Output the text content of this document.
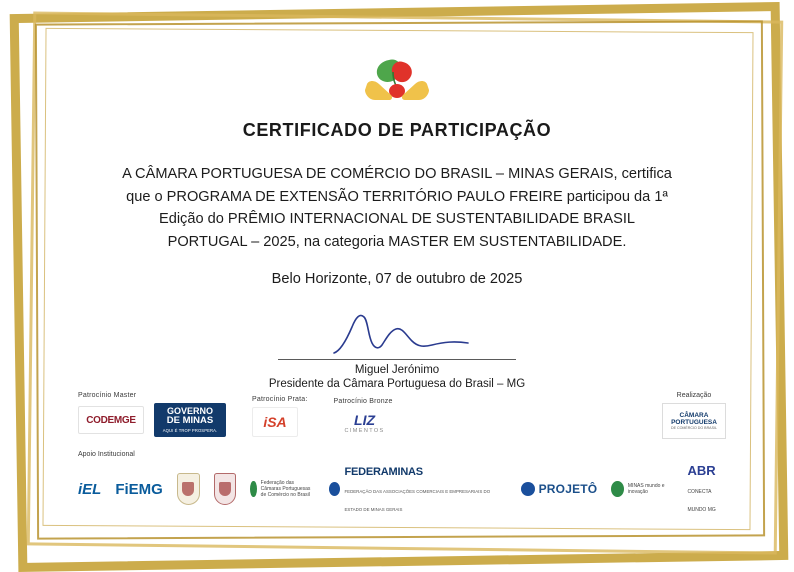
CERTIFICADO DE PARTICIPAÇÃO
A CÂMARA PORTUGUESA DE COMÉRCIO DO BRASIL – MINAS GERAIS, certifica
que o PROGRAMA DE EXTENSÃO TERRITÓRIO PAULO FREIRE participou da 1ª
Edição do PRÊMIO INTERNACIONAL DE SUSTENTABILIDADE BRASIL
PORTUGAL – 2025, na categoria MASTER EM SUSTENTABILIDADE.
Belo Horizonte, 07 de outubro de 2025
Miguel Jerónimo
Presidente da Câmara Portuguesa do Brasil – MG
Patrocínio Master
CODEMGE
GOVERNO
DE MINAS
AQUI É TROP PROSPERA.
Patrocínio Prata:
iSA
Patrocínio Bronze
LIZ
CIMENTOS
Apoio Institucional
iEL FiEMG	Federação das Câmaras Portuguesas de Comércio no Brasil
FEDERAMINAS
FEDERAÇÃO DAS ASSOCIAÇÕES COMERCIAIS E EMPRESARIAIS DO ESTADO DE MINAS GERAIS
PROJETÔ	MINAS mundo e inovação
ABR
CONECTA MUNDO MG
Realização
CÂMARA PORTUGUESA
DE COMÉRCIO DO BRASIL
